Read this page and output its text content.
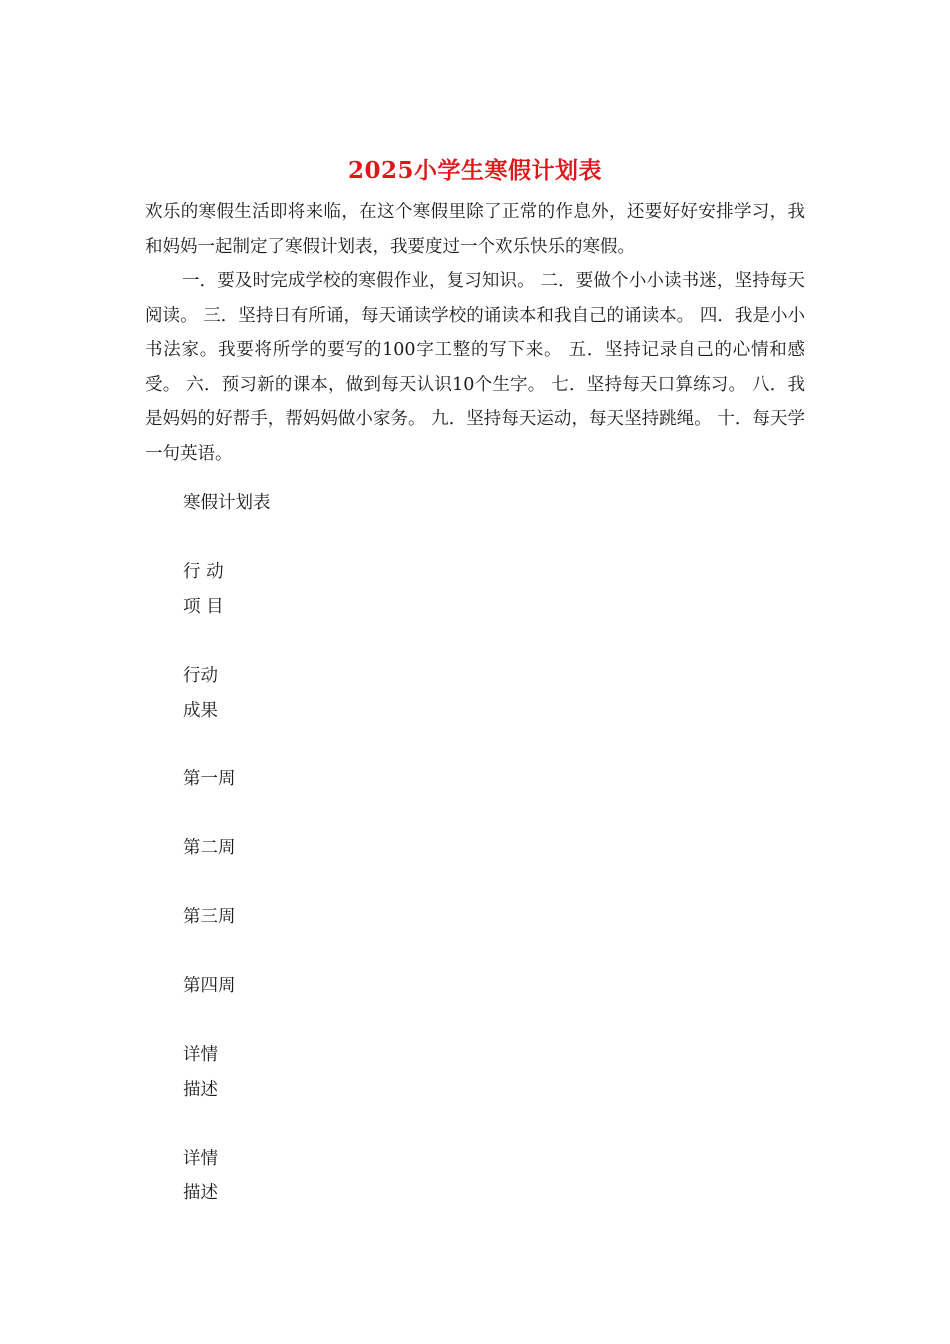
2025小学生寒假计划表
欢乐的寒假生活即将来临，在这个寒假里除了正常的作息外，还要好好安排学习，我和妈妈一起制定了寒假计划表，我要度过一个欢乐快乐的寒假。
一．要及时完成学校的寒假作业，复习知识。 二．要做个小小读书迷，坚持每天阅读。 三．坚持日有所诵，每天诵读学校的诵读本和我自己的诵读本。 四．我是小小书法家。我要将所学的要写的100字工整的写下来。 五．坚持记录自己的心情和感受。 六．预习新的课本，做到每天认识10个生字。 七．坚持每天口算练习。 八．我是妈妈的好帮手，帮妈妈做小家务。 九．坚持每天运动，每天坚持跳绳。 十．每天学一句英语。
寒假计划表
行 动
项 目
行动
成果
第一周
第二周
第三周
第四周
详情
描述
详情
描述
